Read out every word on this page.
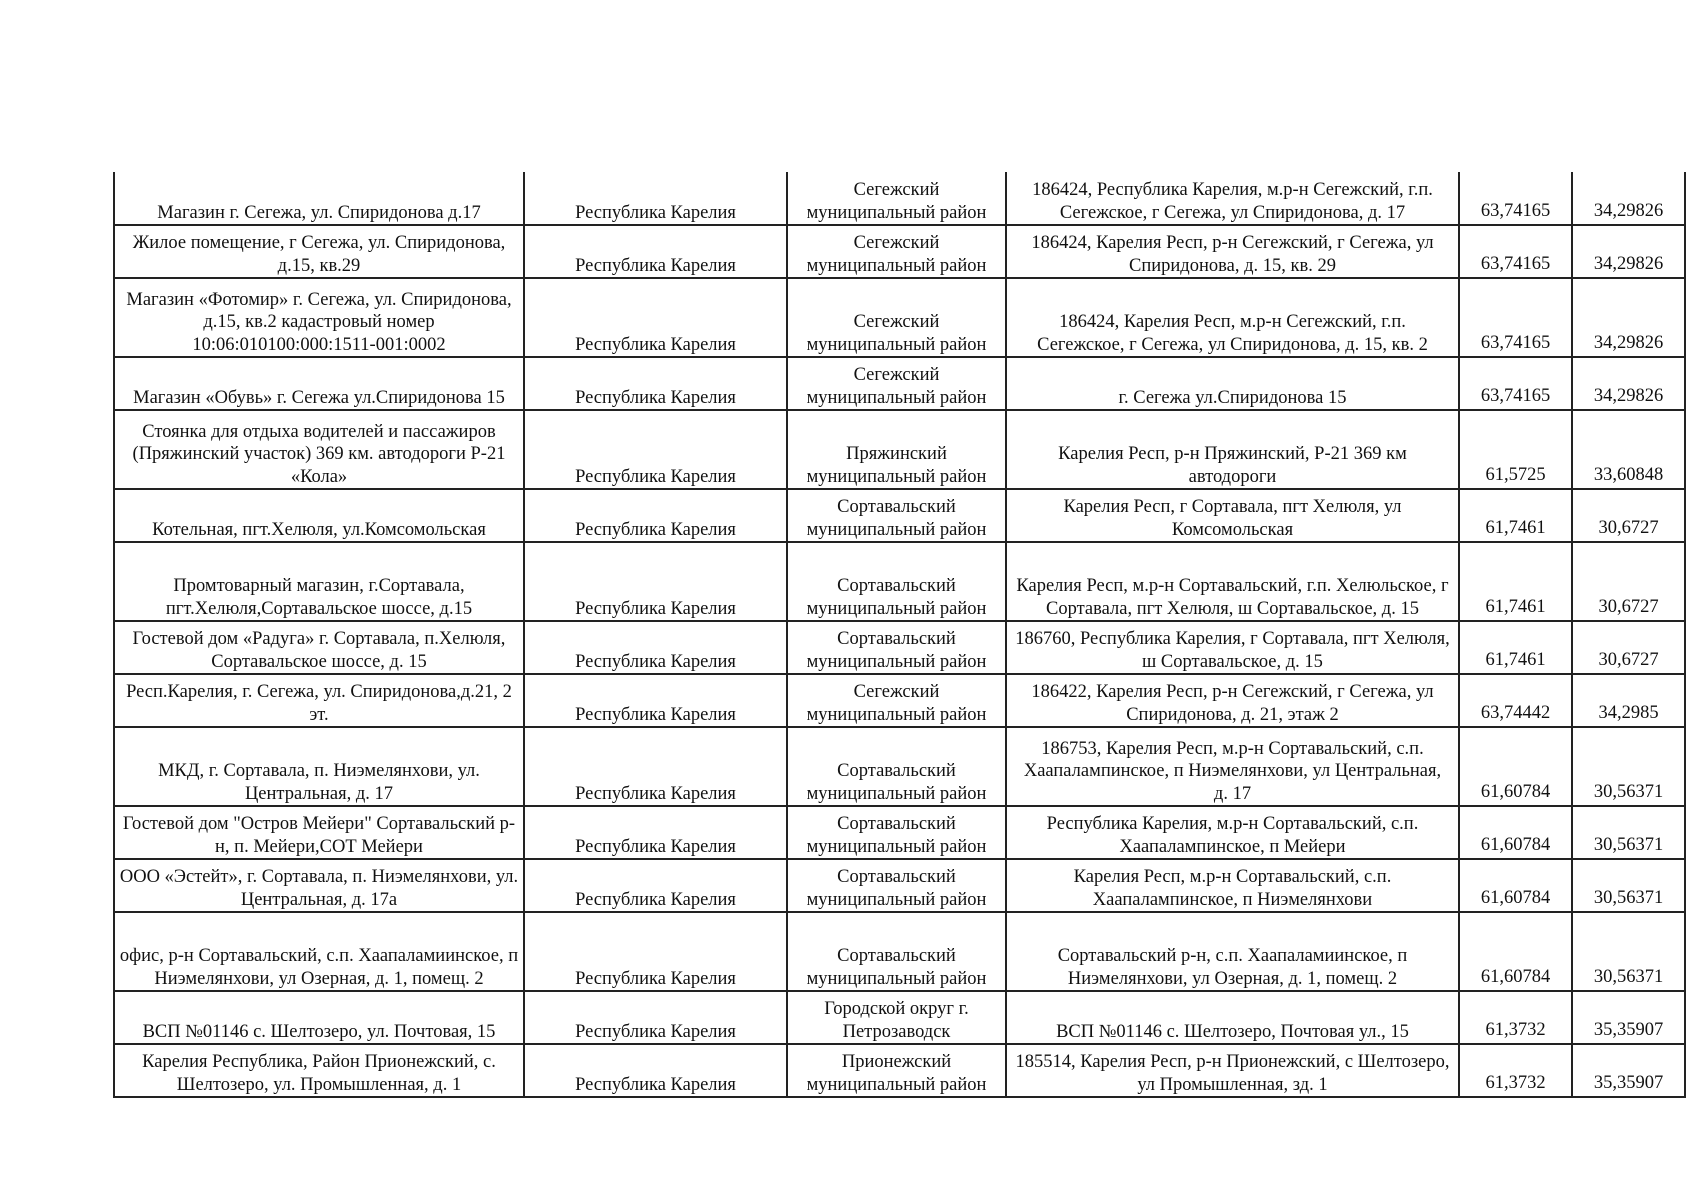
Магазин г. Сегежа, ул. Спиридонова д.17	Республика Карелия	Сегежский муниципальный район	186424, Республика Карелия, м.р-н Сегежский, г.п. Сегежское, г Сегежа, ул Спиридонова, д. 17	63,74165	34,29826
Жилое помещение, г Сегежа, ул. Спиридонова, д.15, кв.29	Республика Карелия	Сегежский муниципальный район	186424, Карелия Респ, р-н Сегежский, г Сегежа, ул Спиридонова, д. 15, кв. 29	63,74165	34,29826
Магазин «Фотомир» г. Сегежа, ул. Спиридонова, д.15, кв.2 кадастровый номер 10:06:010100:000:1511-001:0002	Республика Карелия	Сегежский муниципальный район	186424, Карелия Респ, м.р-н Сегежский, г.п. Сегежское, г Сегежа, ул Спиридонова, д. 15, кв. 2	63,74165	34,29826
Магазин «Обувь» г. Сегежа ул.Спиридонова 15	Республика Карелия	Сегежский муниципальный район	г. Сегежа ул.Спиридонова 15	63,74165	34,29826
Стоянка для отдыха водителей и пассажиров (Пряжинский участок) 369 км. автодороги Р-21 «Кола»	Республика Карелия	Пряжинский муниципальный район	Карелия Респ, р-н Пряжинский, Р-21 369 км автодороги	61,5725	33,60848
Котельная, пгт.Хелюля, ул.Комсомольская	Республика Карелия	Сортавальский муниципальный район	Карелия Респ, г Сортавала, пгт Хелюля, ул Комсомольская	61,7461	30,6727
Промтоварный магазин, г.Сортавала, пгт.Хелюля,Сортавальское шоссе, д.15	Республика Карелия	Сортавальский муниципальный район	Карелия Респ, м.р-н Сортавальский, г.п. Хелюльское, г Сортавала, пгт Хелюля, ш Сортавальское, д. 15	61,7461	30,6727
Гостевой дом «Радуга» г. Сортавала, п.Хелюля, Сортавальское шоссе, д. 15	Республика Карелия	Сортавальский муниципальный район	186760, Республика Карелия, г Сортавала, пгт Хелюля, ш Сортавальское, д. 15	61,7461	30,6727
Респ.Карелия, г. Сегежа, ул. Спиридонова,д.21, 2 эт.	Республика Карелия	Сегежский муниципальный район	186422, Карелия Респ, р-н Сегежский, г Сегежа, ул Спиридонова, д. 21, этаж 2	63,74442	34,2985
МКД, г. Сортавала, п. Ниэмелянхови, ул. Центральная, д. 17	Республика Карелия	Сортавальский муниципальный район	186753, Карелия Респ, м.р-н Сортавальский, с.п. Хаапалампинское, п Ниэмелянхови, ул Центральная, д. 17	61,60784	30,56371
Гостевой дом "Остров Мейери" Сортавальский р-н, п. Мейери,СОТ Мейери	Республика Карелия	Сортавальский муниципальный район	Республика Карелия, м.р-н Сортавальский, с.п. Хаапалампинское, п Мейери	61,60784	30,56371
ООО «Эстейт», г. Сортавала, п. Ниэмелянхови, ул. Центральная, д. 17а	Республика Карелия	Сортавальский муниципальный район	Карелия Респ, м.р-н Сортавальский, с.п. Хаапалампинское, п Ниэмелянхови	61,60784	30,56371
офис, р-н Сортавальский, с.п. Хаапаламиинское, п Ниэмелянхови, ул Озерная, д. 1, помещ. 2	Республика Карелия	Сортавальский муниципальный район	Сортавальский р-н, с.п. Хаапаламиинское, п Ниэмелянхови, ул Озерная, д. 1, помещ. 2	61,60784	30,56371
ВСП №01146 с. Шелтозеро, ул. Почтовая, 15	Республика Карелия	Городской округ г. Петрозаводск	ВСП №01146 с. Шелтозеро, Почтовая ул., 15	61,3732	35,35907
Карелия Республика, Район Прионежский, с. Шелтозеро, ул. Промышленная, д. 1	Республика Карелия	Прионежский муниципальный район	185514, Карелия Респ, р-н Прионежский, с Шелтозеро, ул Промышленная, зд. 1	61,3732	35,35907
